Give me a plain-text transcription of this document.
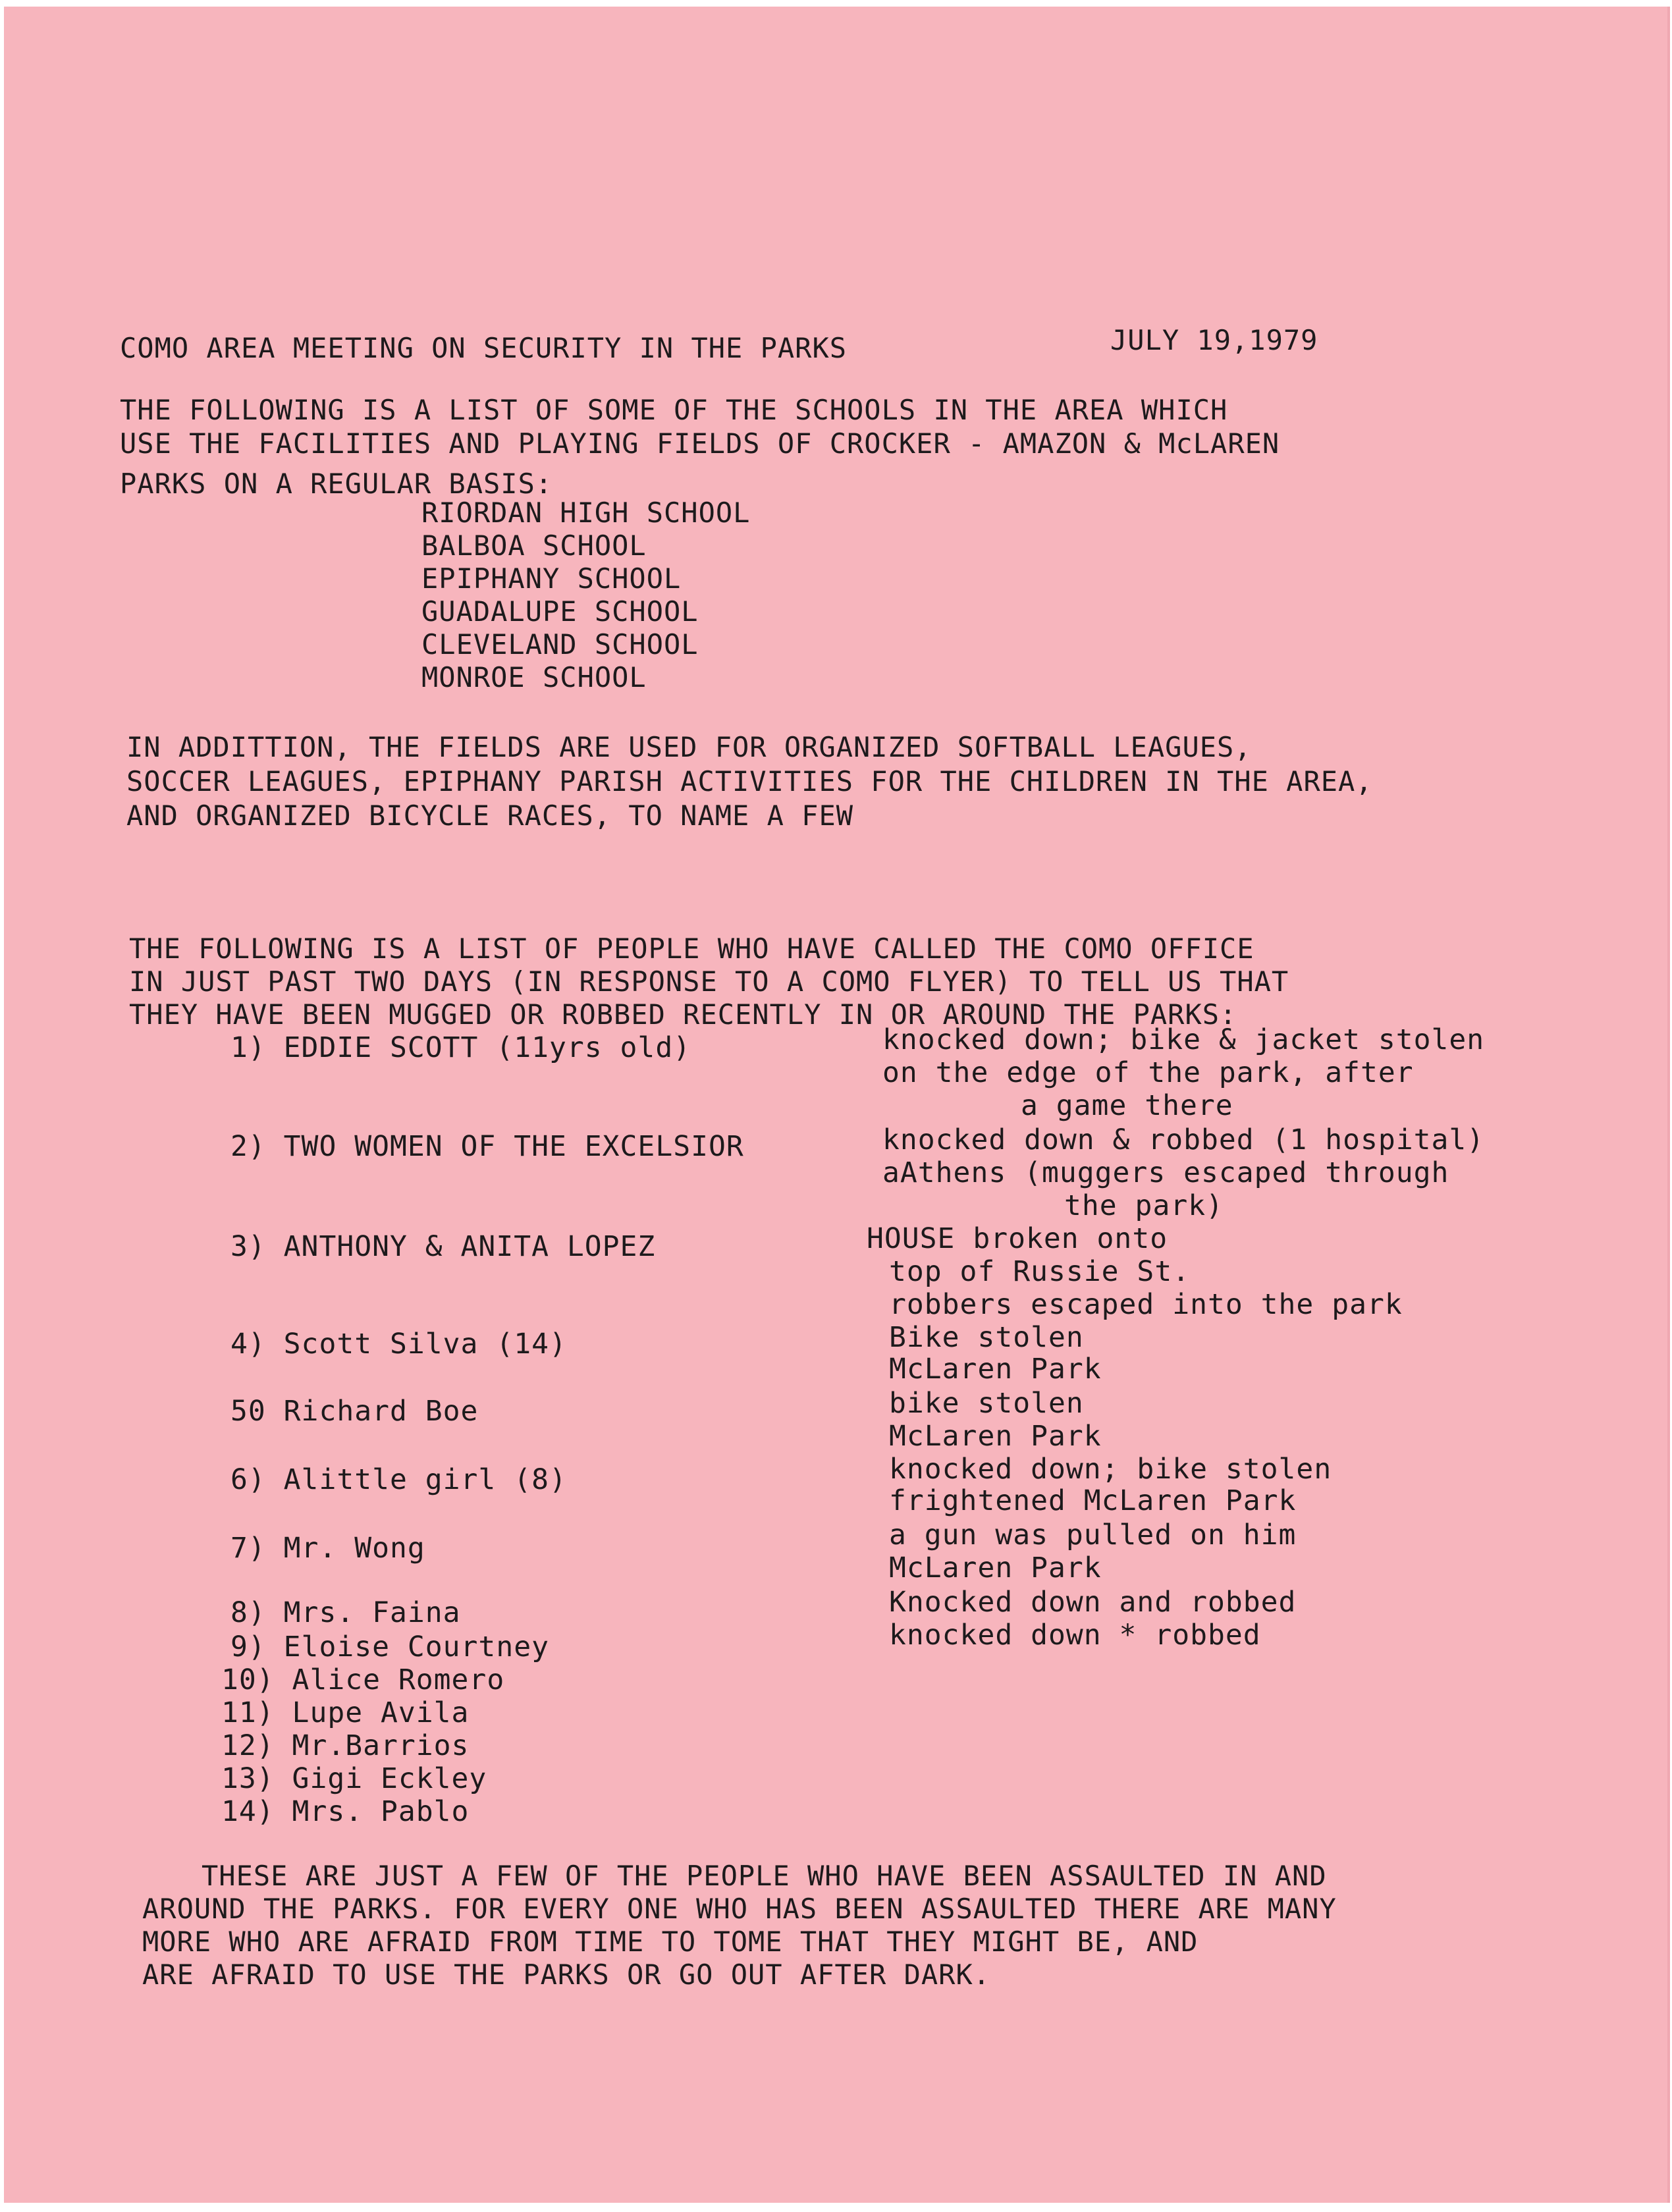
COMO AREA MEETING ON SECURITY IN THE PARKS	JULY 19,1979
THE FOLLOWING IS A LIST OF SOME OF THE SCHOOLS IN THE AREA WHICH
USE THE FACILITIES AND PLAYING FIELDS OF CROCKER - AMAZON & McLAREN
PARKS ON A REGULAR BASIS:
RIORDAN HIGH SCHOOL
BALBOA SCHOOL
EPIPHANY SCHOOL
GUADALUPE SCHOOL
CLEVELAND SCHOOL
MONROE SCHOOL
IN ADDITTION, THE FIELDS ARE USED FOR ORGANIZED SOFTBALL LEAGUES,
SOCCER LEAGUES, EPIPHANY PARISH ACTIVITIES FOR THE CHILDREN IN THE AREA,
AND ORGANIZED BICYCLE RACES, TO NAME A FEW
THE FOLLOWING IS A LIST OF PEOPLE WHO HAVE CALLED THE COMO OFFICE
IN JUST PAST TWO DAYS (IN RESPONSE TO A COMO FLYER) TO TELL US THAT
THEY HAVE BEEN MUGGED OR ROBBED RECENTLY IN OR AROUND THE PARKS:
1) EDDIE SCOTT (11yrs old)
2) TWO WOMEN OF THE EXCELSIOR
3) ANTHONY & ANITA LOPEZ
4) Scott Silva (14)
50 Richard Boe
6) Alittle girl (8)
7) Mr. Wong
8) Mrs. Faina
9) Eloise Courtney
10) Alice Romero
11) Lupe Avila
12) Mr.Barrios
13) Gigi Eckley
14) Mrs. Pablo
knocked down; bike & jacket stolen
on the edge of the park, after
a game there
knocked down & robbed (1 hospital)
aAthens (muggers escaped through
the park)
HOUSE broken onto
top of Russie St.
robbers escaped into the park
Bike stolen
McLaren Park
bike stolen
McLaren Park
knocked down; bike stolen
frightened McLaren Park
a gun was pulled on him
McLaren Park
Knocked down and robbed
knocked down * robbed
THESE ARE JUST A FEW OF THE PEOPLE WHO HAVE BEEN ASSAULTED IN AND
AROUND THE PARKS. FOR EVERY ONE WHO HAS BEEN ASSAULTED THERE ARE MANY
MORE WHO ARE AFRAID FROM TIME TO TOME THAT THEY MIGHT BE, AND
ARE AFRAID TO USE THE PARKS OR GO OUT AFTER DARK.
